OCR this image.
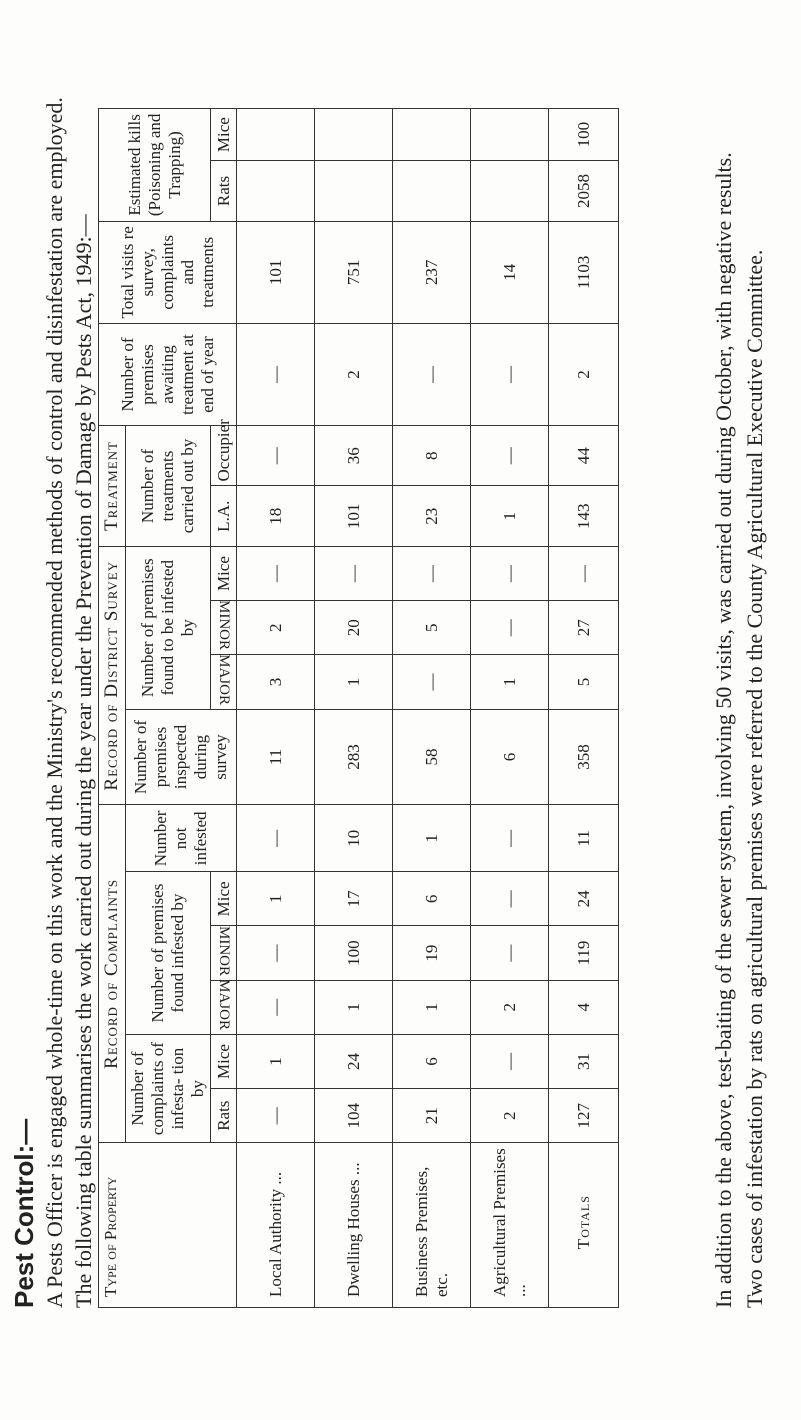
Pest Control:— A Pests Officer is engaged whole-time on this work and the Ministry's recommended methods of control and disinfestation are employed. The following table summarises the work carried out during the year under the Prevention of Damage by Pests Act, 1949:— Type of Property	Record of Complaints						Record of District Survey				Treatment		Number of premises awaiting treatment at end of year	Total visits re survey, complaints and treatments	Estimated kills (Poisoning and Trapping)	
	Number of complaints of infesta- tion by		Number of premises found infested by			Number not infested	Number of premises inspected during survey	Number of premises found to be infested by			Number of treatments carried out by					
	Rats	Mice	MAJOR	MINOR	Mice			MAJOR	MINOR	Mice	L.A.	Occupier			Rats	Mice
Local Authority ...	—	1	—	—	1	—	11	3	2	—	18	—	—	101		
Dwelling Houses ...	104	24	1	100	17	10	283	1	20	—	101	36	2	751		
Business Premises, etc.	21	6	1	19	6	1	58	—	5	—	23	8	—	237		
Agricultural Premises ...	2	—	2	—	—	—	6	1	—	—	1	—	—	14		
Totals	127	31	4	119	24	11	358	5	27	—	143	44	2	1103	2058	100
In addition to the above, test-baiting of the sewer system, involving 50 visits, was carried out during October, with negative results. Two cases of infestation by rats on agricultural premises were referred to the County Agricultural Executive Committee.
